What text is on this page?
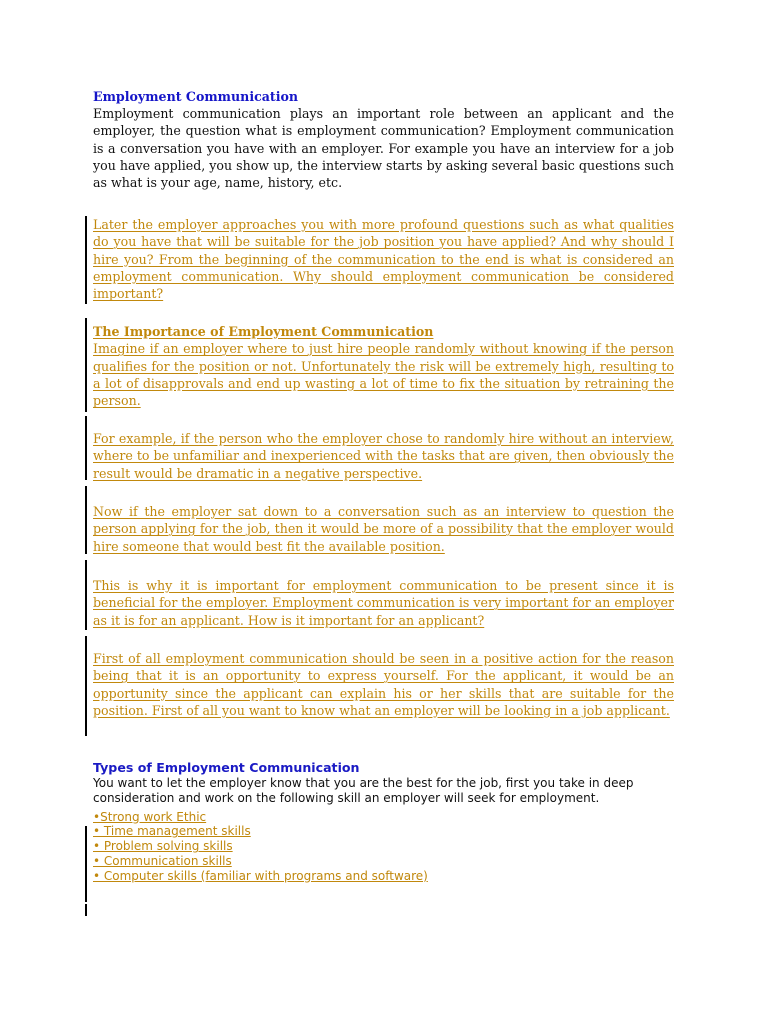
Employment Communication

Employment communication plays an important role between an applicant and the employer, the question what is employment communication? Employment communication is a conversation you have with an employer. For example you have an interview for a job you have applied, you show up, the interview starts by asking several basic questions such as what is your age, name, history, etc.

Later the employer approaches you with more profound questions such as what qualities do you have that will be suitable for the job position you have applied? And why should I hire you? From the beginning of the communication to the end is what is considered an employment communication. Why should employment communication be considered important?

The Importance of Employment Communication

Imagine if an employer where to just hire people randomly without knowing if the person qualifies for the position or not. Unfortunately the risk will be extremely high, resulting to a lot of disapprovals and end up wasting a lot of time to fix the situation by retraining the person.

For example, if the person who the employer chose to randomly hire without an interview, where to be unfamiliar and inexperienced with the tasks that are given, then obviously the result would be dramatic in a negative perspective.

Now if the employer sat down to a conversation such as an interview to question the person applying for the job, then it would be more of a possibility that the employer would hire someone that would best fit the available position.

This is why it is important for employment communication to be present since it is beneficial for the employer. Employment communication is very important for an employer as it is for an applicant. How is it important for an applicant?

First of all employment communication should be seen in a positive action for the reason being that it is an opportunity to express yourself. For the applicant, it would be an opportunity since the applicant can explain his or her skills that are suitable for the position. First of all you want to know what an employer will be looking in a job applicant.

Types of Employment Communication

You want to let the employer know that you are the best for the job, first you take in deep consideration and work on the following skill an employer will seek for employment.

•Strong work Ethic
• Time management skills
• Problem solving skills
• Communication skills
• Computer skills (familiar with programs and software)
